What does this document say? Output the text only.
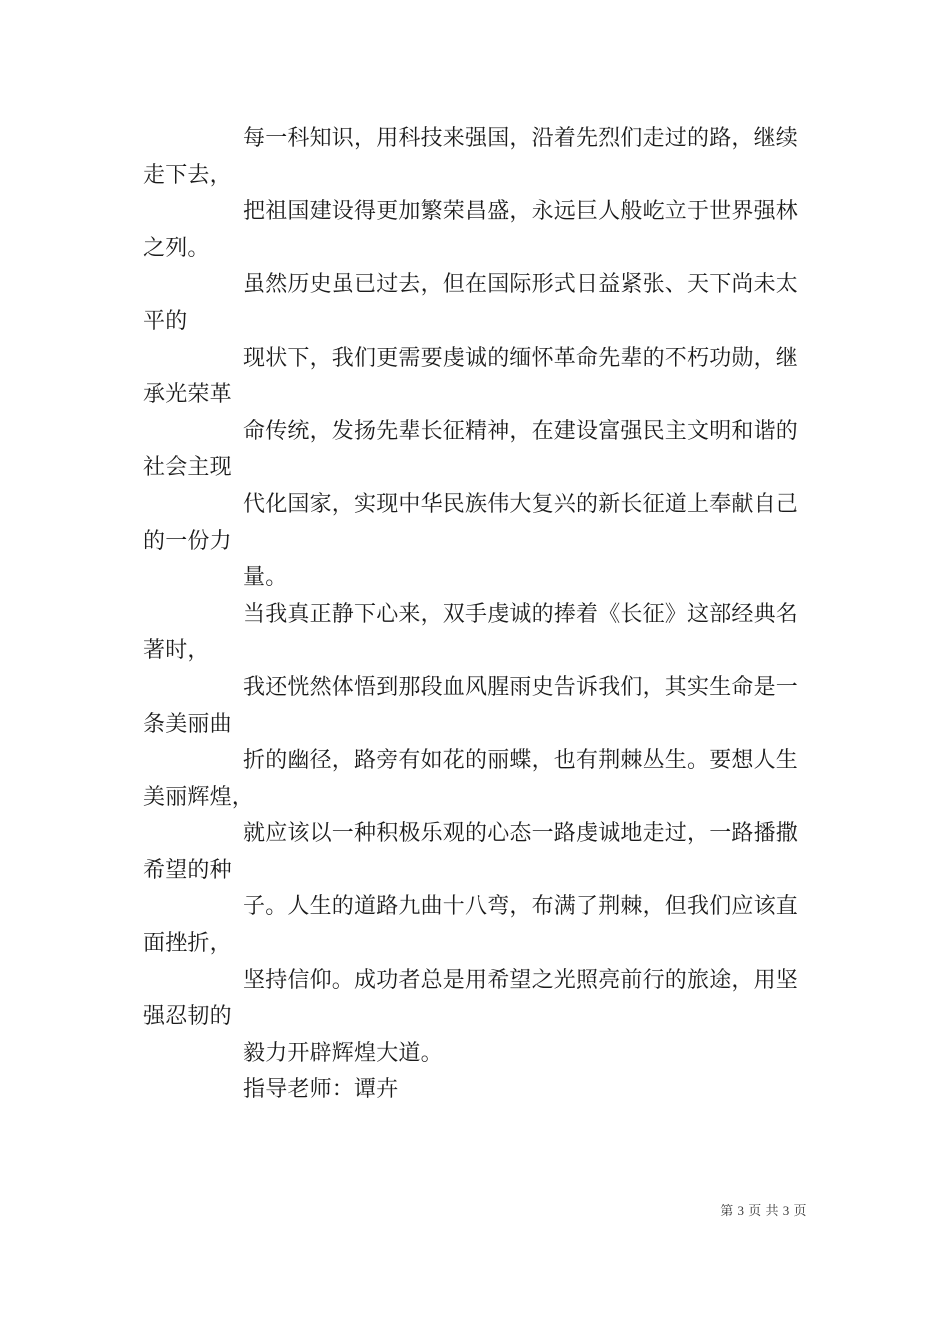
每一科知识，用科技来强国，沿着先烈们走过的路，继续
走下去，
把祖国建设得更加繁荣昌盛，永远巨人般屹立于世界强林
之列。
虽然历史虽已过去，但在国际形式日益紧张、天下尚未太
平的
现状下，我们更需要虔诚的缅怀革命先辈的不朽功勋，继
承光荣革
命传统，发扬先辈长征精神，在建设富强民主文明和谐的
社会主现
代化国家，实现中华民族伟大复兴的新长征道上奉献自己
的一份力
量。
当我真正静下心来，双手虔诚的捧着《长征》这部经典名
著时，
我还恍然体悟到那段血风腥雨史告诉我们，其实生命是一
条美丽曲
折的幽径，路旁有如花的丽蝶，也有荆棘丛生。要想人生
美丽辉煌，
就应该以一种积极乐观的心态一路虔诚地走过，一路播撒
希望的种
子。人生的道路九曲十八弯，布满了荆棘，但我们应该直
面挫折，
坚持信仰。成功者总是用希望之光照亮前行的旅途，用坚
强忍韧的
毅力开辟辉煌大道。
指导老师：谭卉
第 3 页 共 3 页
